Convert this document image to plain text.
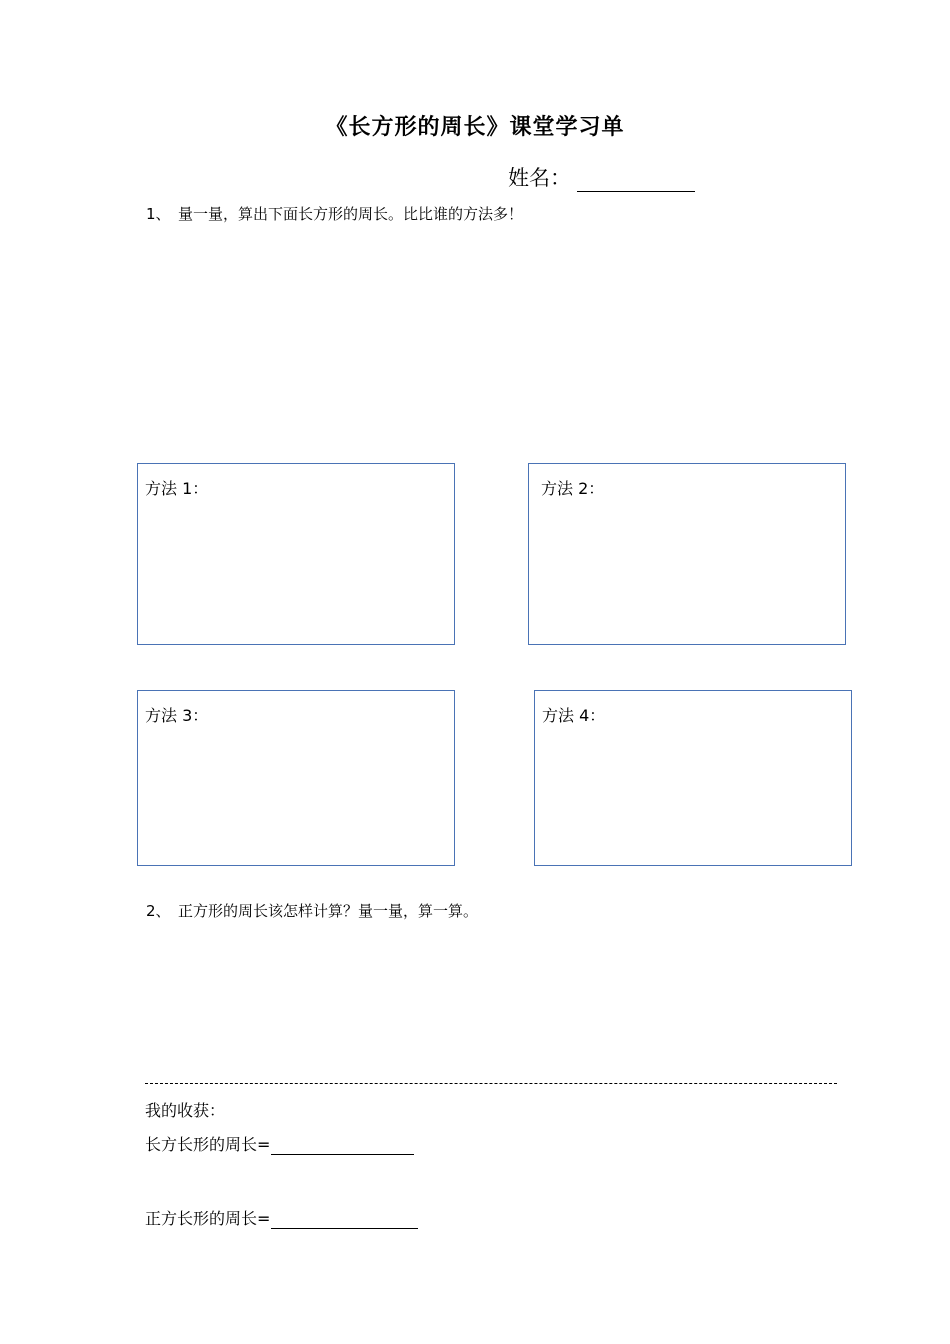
《长方形的周长》课堂学习单
姓名：
1、 量一量，算出下面长方形的周长。比比谁的方法多！
方法 1：	方法 2：
方法 3：	方法 4：
2、 正方形的周长该怎样计算？量一量，算一算。
我的收获：
长方长形的周长=
正方长形的周长=
